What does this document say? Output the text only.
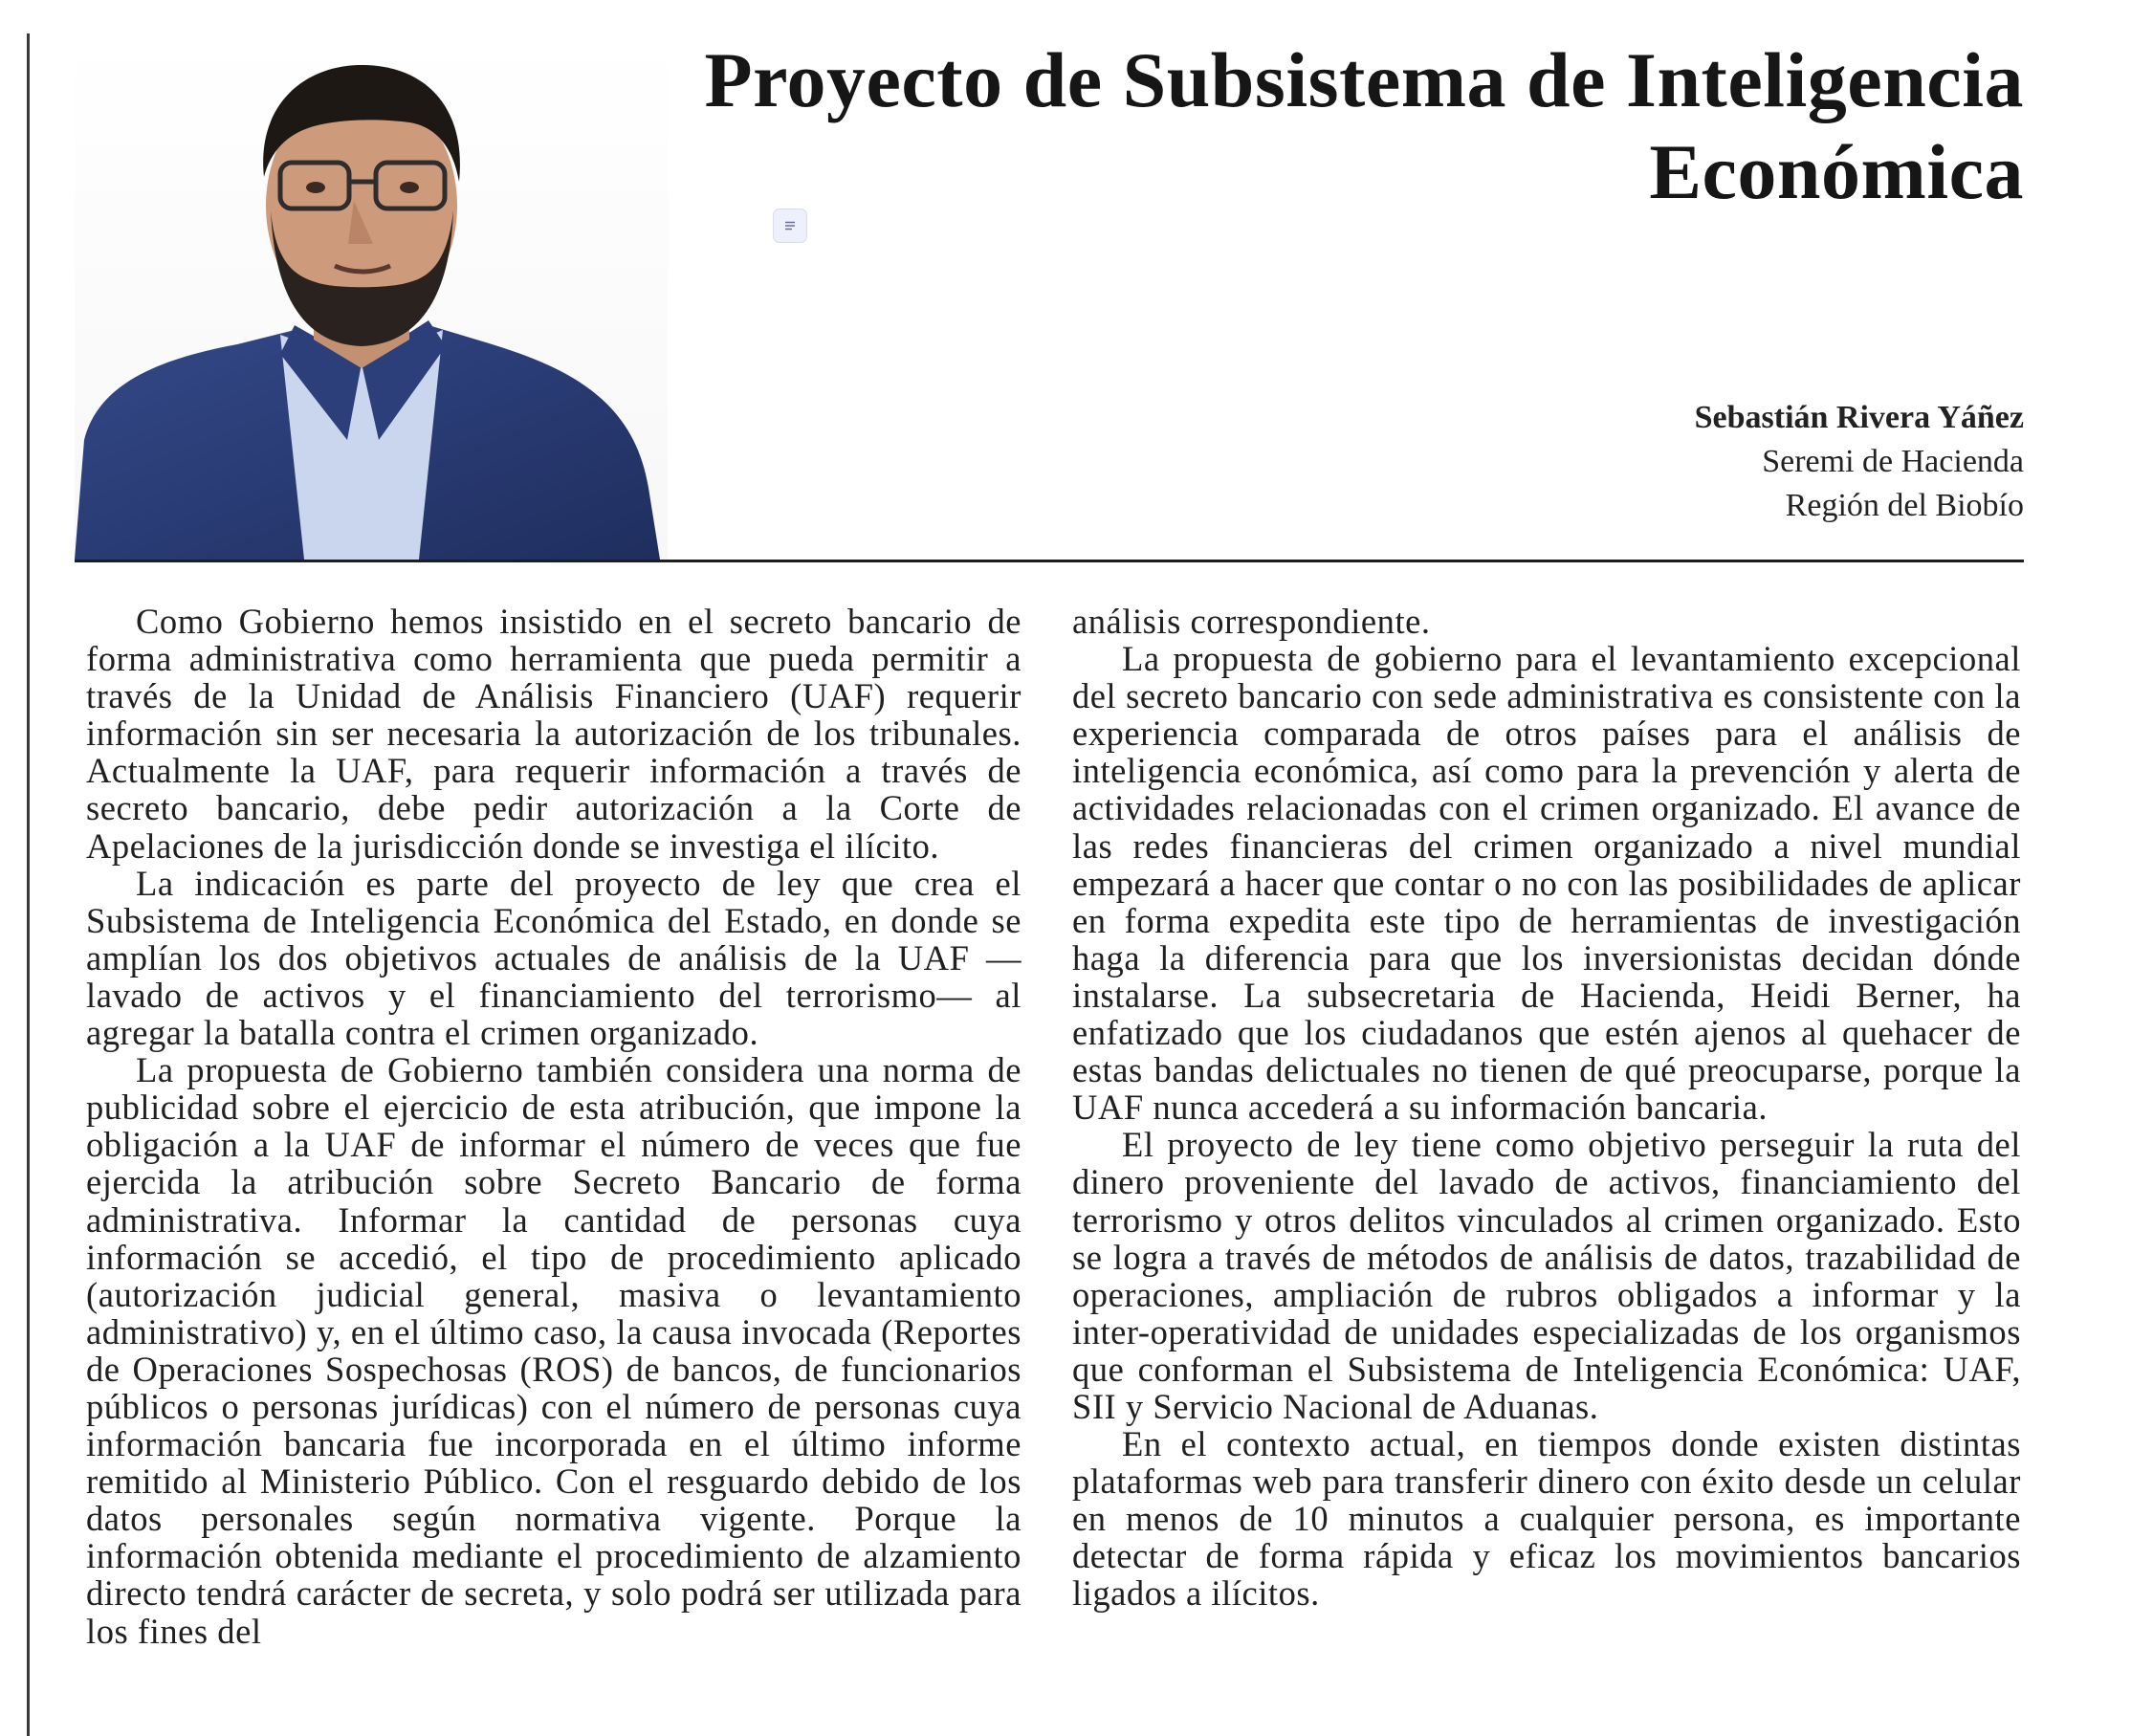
Proyecto de Subsistema de Inteligencia Económica
Sebastián Rivera Yáñez
Seremi de Hacienda
Región del Biobío

Como Gobierno hemos insistido en el secreto bancario de forma administrativa como herramienta que pueda permitir a través de la Unidad de Análisis Financiero (UAF) requerir información sin ser necesaria la autorización de los tribunales. Actualmente la UAF, para requerir información a través de secreto bancario, debe pedir autorización a la Corte de Apelaciones de la jurisdicción donde se investiga el ilícito.

La indicación es parte del proyecto de ley que crea el Subsistema de Inteligencia Económica del Estado, en donde se amplían los dos objetivos actuales de análisis de la UAF —lavado de activos y el financiamiento del terrorismo— al agregar la batalla contra el crimen organizado.

La propuesta de Gobierno también considera una norma de publicidad sobre el ejercicio de esta atribución, que impone la obligación a la UAF de informar el número de veces que fue ejercida la atribución sobre Secreto Bancario de forma administrativa. Informar la cantidad de personas cuya información se accedió, el tipo de procedimiento aplicado (autorización judicial general, masiva o levantamiento administrativo) y, en el último caso, la causa invocada (Reportes de Operaciones Sospechosas (ROS) de bancos, de funcionarios públicos o personas jurídicas) con el número de personas cuya información bancaria fue incorporada en el último informe remitido al Ministerio Público. Con el resguardo debido de los datos personales según normativa vigente. Porque la información obtenida mediante el procedimiento de alzamiento directo tendrá carácter de secreta, y solo podrá ser utilizada para los fines del

análisis correspondiente.

La propuesta de gobierno para el levantamiento excepcional del secreto bancario con sede administrativa es consistente con la experiencia comparada de otros países para el análisis de inteligencia económica, así como para la prevención y alerta de actividades relacionadas con el crimen organizado. El avance de las redes financieras del crimen organizado a nivel mundial empezará a hacer que contar o no con las posibilidades de aplicar en forma expedita este tipo de herramientas de investigación haga la diferencia para que los inversionistas decidan dónde instalarse. La subsecretaria de Hacienda, Heidi Berner, ha enfatizado que los ciudadanos que estén ajenos al quehacer de estas bandas delictuales no tienen de qué preocuparse, porque la UAF nunca accederá a su información bancaria.

El proyecto de ley tiene como objetivo perseguir la ruta del dinero proveniente del lavado de activos, financiamiento del terrorismo y otros delitos vinculados al crimen organizado. Esto se logra a través de métodos de análisis de datos, trazabilidad de operaciones, ampliación de rubros obligados a informar y la inter-operatividad de unidades especializadas de los organismos que conforman el Subsistema de Inteligencia Económica: UAF, SII y Servicio Nacional de Aduanas.

En el contexto actual, en tiempos donde existen distintas plataformas web para transferir dinero con éxito desde un celular en menos de 10 minutos a cualquier persona, es importante detectar de forma rápida y eficaz los movimientos bancarios ligados a ilícitos.
